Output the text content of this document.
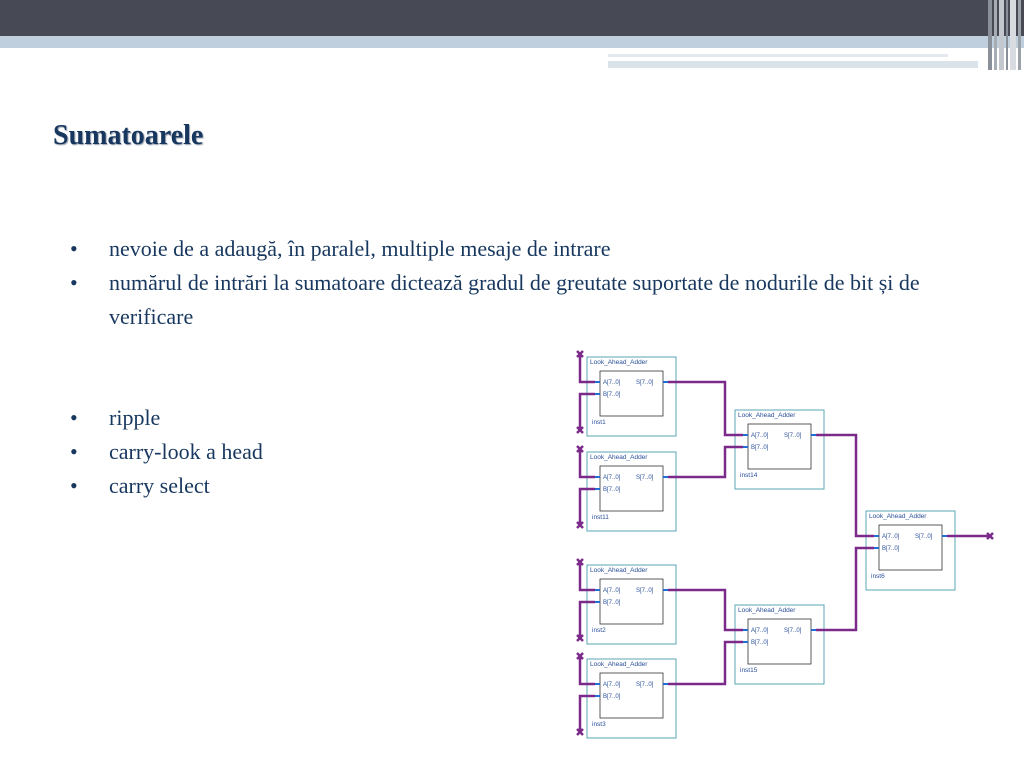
Sumatoarele
• nevoie de a adaugă, în paralel, multiple mesaje de intrare
• numărul de intrări la sumatoare dictează gradul de greutate suportate de nodurile de bit și de verificare
• ripple
• carry-look a head
• carry select
Look_Ahead_Adder
A[7..0]
B[7..0]
S[7..0]
inst1
Look_Ahead_Adder
A[7..0]
B[7..0]
S[7..0]
inst11
Look_Ahead_Adder
A[7..0]
B[7..0]
S[7..0]
inst2
Look_Ahead_Adder
A[7..0]
B[7..0]
S[7..0]
inst3
Look_Ahead_Adder
A[7..0]
B[7..0]
S[7..0]
inst14
Look_Ahead_Adder
A[7..0]
B[7..0]
S[7..0]
inst15
Look_Ahead_Adder
A[7..0]
B[7..0]
S[7..0]
inst6
